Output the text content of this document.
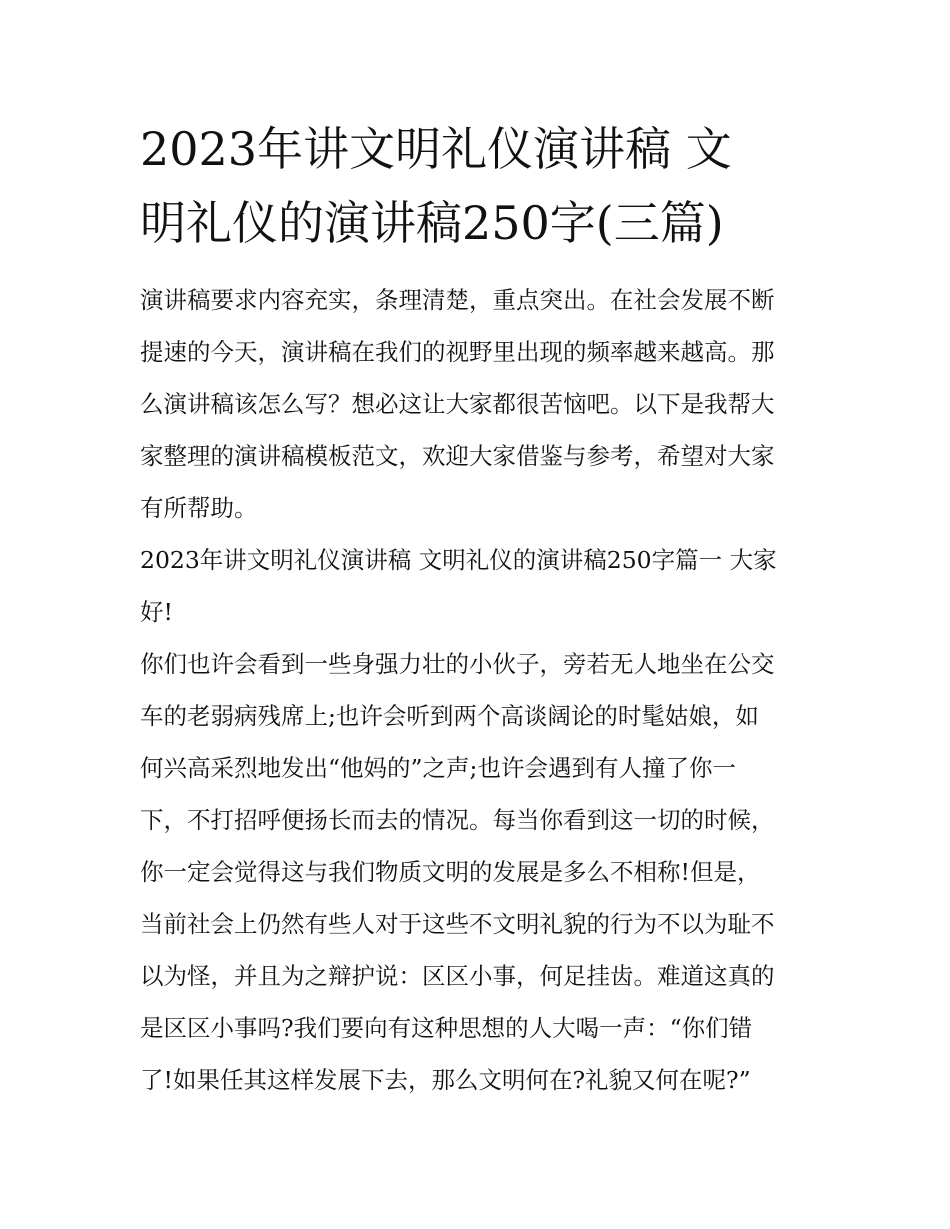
2023年讲文明礼仪演讲稿 文
明礼仪的演讲稿250字(三篇)

演讲稿要求内容充实，条理清楚，重点突出。在社会发展不断
提速的今天，演讲稿在我们的视野里出现的频率越来越高。那
么演讲稿该怎么写？想必这让大家都很苦恼吧。以下是我帮大
家整理的演讲稿模板范文，欢迎大家借鉴与参考，希望对大家
有所帮助。

2023年讲文明礼仪演讲稿 文明礼仪的演讲稿250字篇一 大家
好!

你们也许会看到一些身强力壮的小伙子，旁若无人地坐在公交
车的老弱病残席上;也许会听到两个高谈阔论的时髦姑娘，如
何兴高采烈地发出“他妈的”之声;也许会遇到有人撞了你一
下，不打招呼便扬长而去的情况。每当你看到这一切的时候，
你一定会觉得这与我们物质文明的发展是多么不相称!但是，
当前社会上仍然有些人对于这些不文明礼貌的行为不以为耻不
以为怪，并且为之辩护说：区区小事，何足挂齿。难道这真的
是区区小事吗?我们要向有这种思想的人大喝一声：“你们错
了!如果任其这样发展下去，那么文明何在?礼貌又何在呢?”
